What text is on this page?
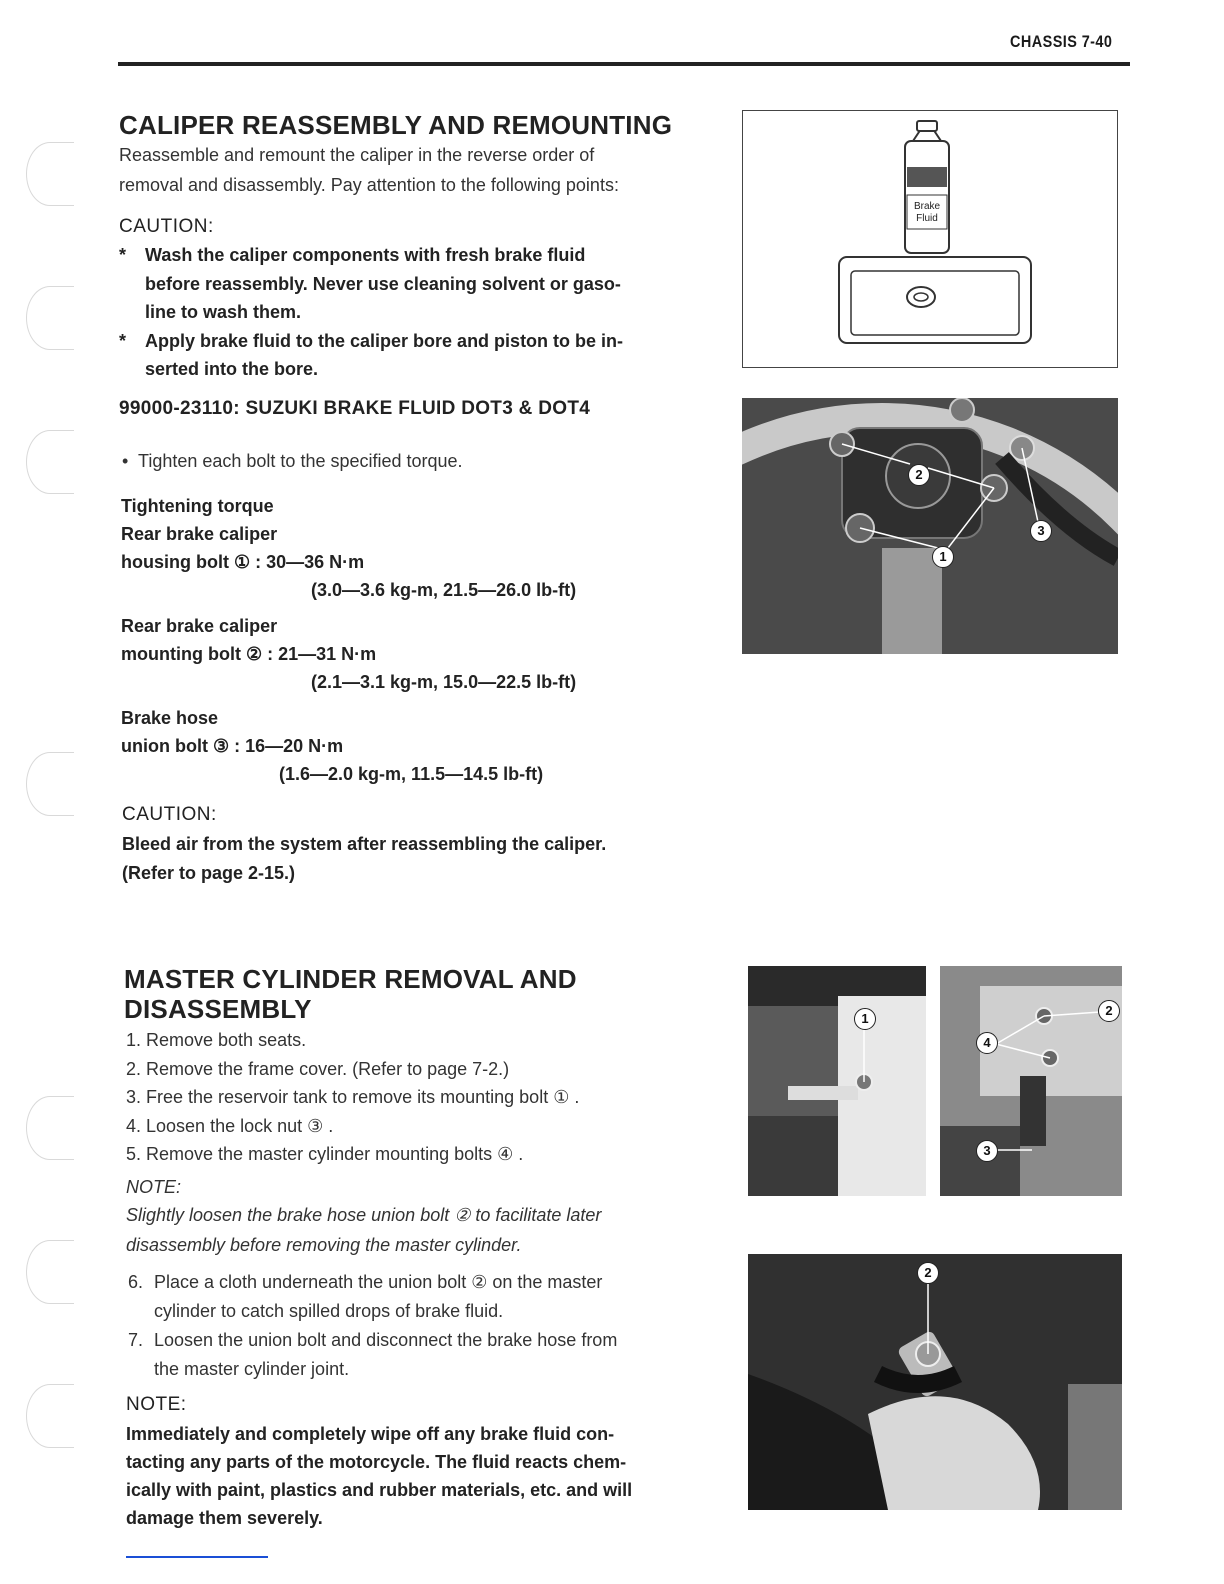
CHASSIS 7-40
CALIPER REASSEMBLY AND REMOUNTING
Reassemble and remount the caliper in the reverse order of
removal and disassembly. Pay attention to the following points:
CAUTION:
* Wash the caliper components with fresh brake fluid
before reassembly. Never use cleaning solvent or gaso-
line to wash them.
* Apply brake fluid to the caliper bore and piston to be in-
serted into the bore.
99000-23110: SUZUKI BRAKE FLUID DOT3 & DOT4
• Tighten each bolt to the specified torque.
Tightening torque
Rear brake caliper
housing bolt ① : 30—36 N·m
(3.0—3.6 kg-m, 21.5—26.0 lb-ft)
Rear brake caliper
mounting bolt ② : 21—31 N·m
(2.1—3.1 kg-m, 15.0—22.5 lb-ft)
Brake hose
union bolt ③ : 16—20 N·m
(1.6—2.0 kg-m, 11.5—14.5 lb-ft)
CAUTION:
Bleed air from the system after reassembling the caliper.
(Refer to page 2-15.)
Brake
Fluid
2
1
3
MASTER CYLINDER REMOVAL AND
DISASSEMBLY
1. Remove both seats.
2. Remove the frame cover. (Refer to page 7-2.)
3. Free the reservoir tank to remove its mounting bolt ① .
4. Loosen the lock nut ③ .
5. Remove the master cylinder mounting bolts ④ .
NOTE:
Slightly loosen the brake hose union bolt ② to facilitate later
disassembly before removing the master cylinder.
6. Place a cloth underneath the union bolt ② on the master
cylinder to catch spilled drops of brake fluid.
7. Loosen the union bolt and disconnect the brake hose from
the master cylinder joint.
NOTE:
Immediately and completely wipe off any brake fluid con-
tacting any parts of the motorcycle. The fluid reacts chem-
ically with paint, plastics and rubber materials, etc. and will
damage them severely.
1
2
4
3
2
